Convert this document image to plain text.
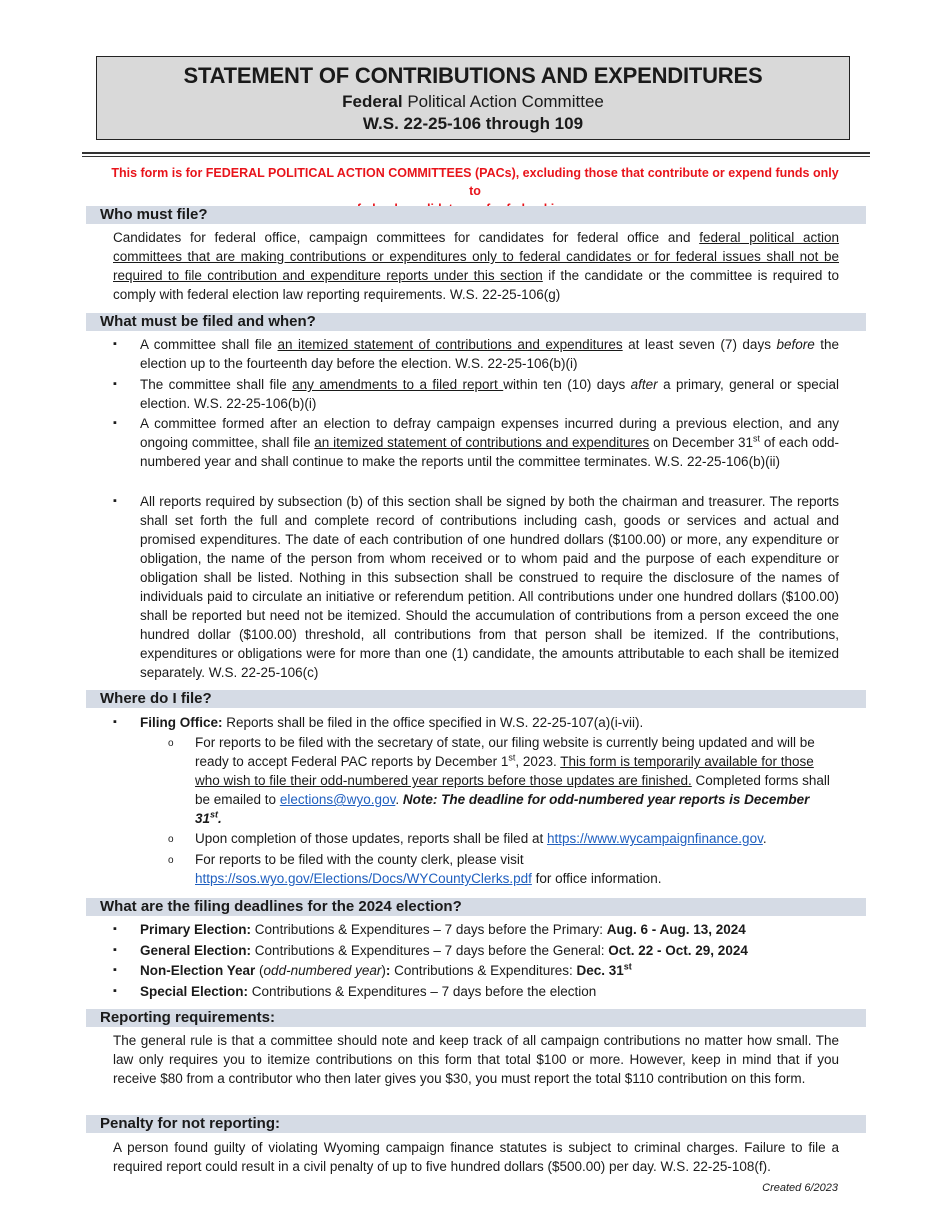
STATEMENT OF CONTRIBUTIONS AND EXPENDITURES
Federal Political Action Committee
W.S. 22-25-106 through 109
This form is for FEDERAL POLITICAL ACTION COMMITTEES (PACs), excluding those that contribute or expend funds only to
Who must file?
Candidates for federal office, campaign committees for candidates for federal office and federal political action committees that are making contributions or expenditures only to federal candidates or for federal issues shall not be required to file contribution and expenditure reports under this section if the candidate or the committee is required to comply with federal election law reporting requirements. W.S. 22-25-106(g)
What must be filed and when?
▪ A committee shall file an itemized statement of contributions and expenditures at least seven (7) days before the election up to the fourteenth day before the election. W.S. 22-25-106(b)(i)
▪ The committee shall file any amendments to a filed report within ten (10) days after a primary, general or special election. W.S. 22-25-106(b)(i)
▪ A committee formed after an election to defray campaign expenses incurred during a previous election, and any ongoing committee, shall file an itemized statement of contributions and expenditures on December 31st of each odd-numbered year and shall continue to make the reports until the committee terminates. W.S. 22-25-106(b)(ii)
▪ All reports required by subsection (b) of this section shall be signed by both the chairman and treasurer. The reports shall set forth the full and complete record of contributions including cash, goods or services and actual and promised expenditures. The date of each contribution of one hundred dollars ($100.00) or more, any expenditure or obligation, the name of the person from whom received or to whom paid and the purpose of each expenditure or obligation shall be listed. Nothing in this subsection shall be construed to require the disclosure of the names of individuals paid to circulate an initiative or referendum petition. All contributions under one hundred dollars ($100.00) shall be reported but need not be itemized. Should the accumulation of contributions from a person exceed the one hundred dollar ($100.00) threshold, all contributions from that person shall be itemized. If the contributions, expenditures or obligations were for more than one (1) candidate, the amounts attributable to each shall be itemized separately. W.S. 22-25-106(c)
Where do I file?
▪ Filing Office: Reports shall be filed in the office specified in W.S. 22-25-107(a)(i-vii).
o For reports to be filed with the secretary of state, our filing website is currently being updated and will be ready to accept Federal PAC reports by December 1st, 2023. This form is temporarily available for those who wish to file their odd-numbered year reports before those updates are finished. Completed forms shall be emailed to elections@wyo.gov. Note: The deadline for odd-numbered year reports is December 31st.
o Upon completion of those updates, reports shall be filed at https://www.wycampaignfinance.gov.
o For reports to be filed with the county clerk, please visit
https://sos.wyo.gov/Elections/Docs/WYCountyClerks.pdf for office information.
What are the filing deadlines for the 2024 election?
▪ Primary Election: Contributions & Expenditures – 7 days before the Primary: Aug. 6 - Aug. 13, 2024
▪ General Election: Contributions & Expenditures – 7 days before the General: Oct. 22 - Oct. 29, 2024
▪ Non-Election Year (odd-numbered year): Contributions & Expenditures: Dec. 31st
▪ Special Election: Contributions & Expenditures – 7 days before the election
Reporting requirements:
The general rule is that a committee should note and keep track of all campaign contributions no matter how small. The law only requires you to itemize contributions on this form that total $100 or more. However, keep in mind that if you receive $80 from a contributor who then later gives you $30, you must report the total $110 contribution on this form.
Penalty for not reporting:
A person found guilty of violating Wyoming campaign finance statutes is subject to criminal charges. Failure to file a required report could result in a civil penalty of up to five hundred dollars ($500.00) per day. W.S. 22-25-108(f).
Created 6/2023
